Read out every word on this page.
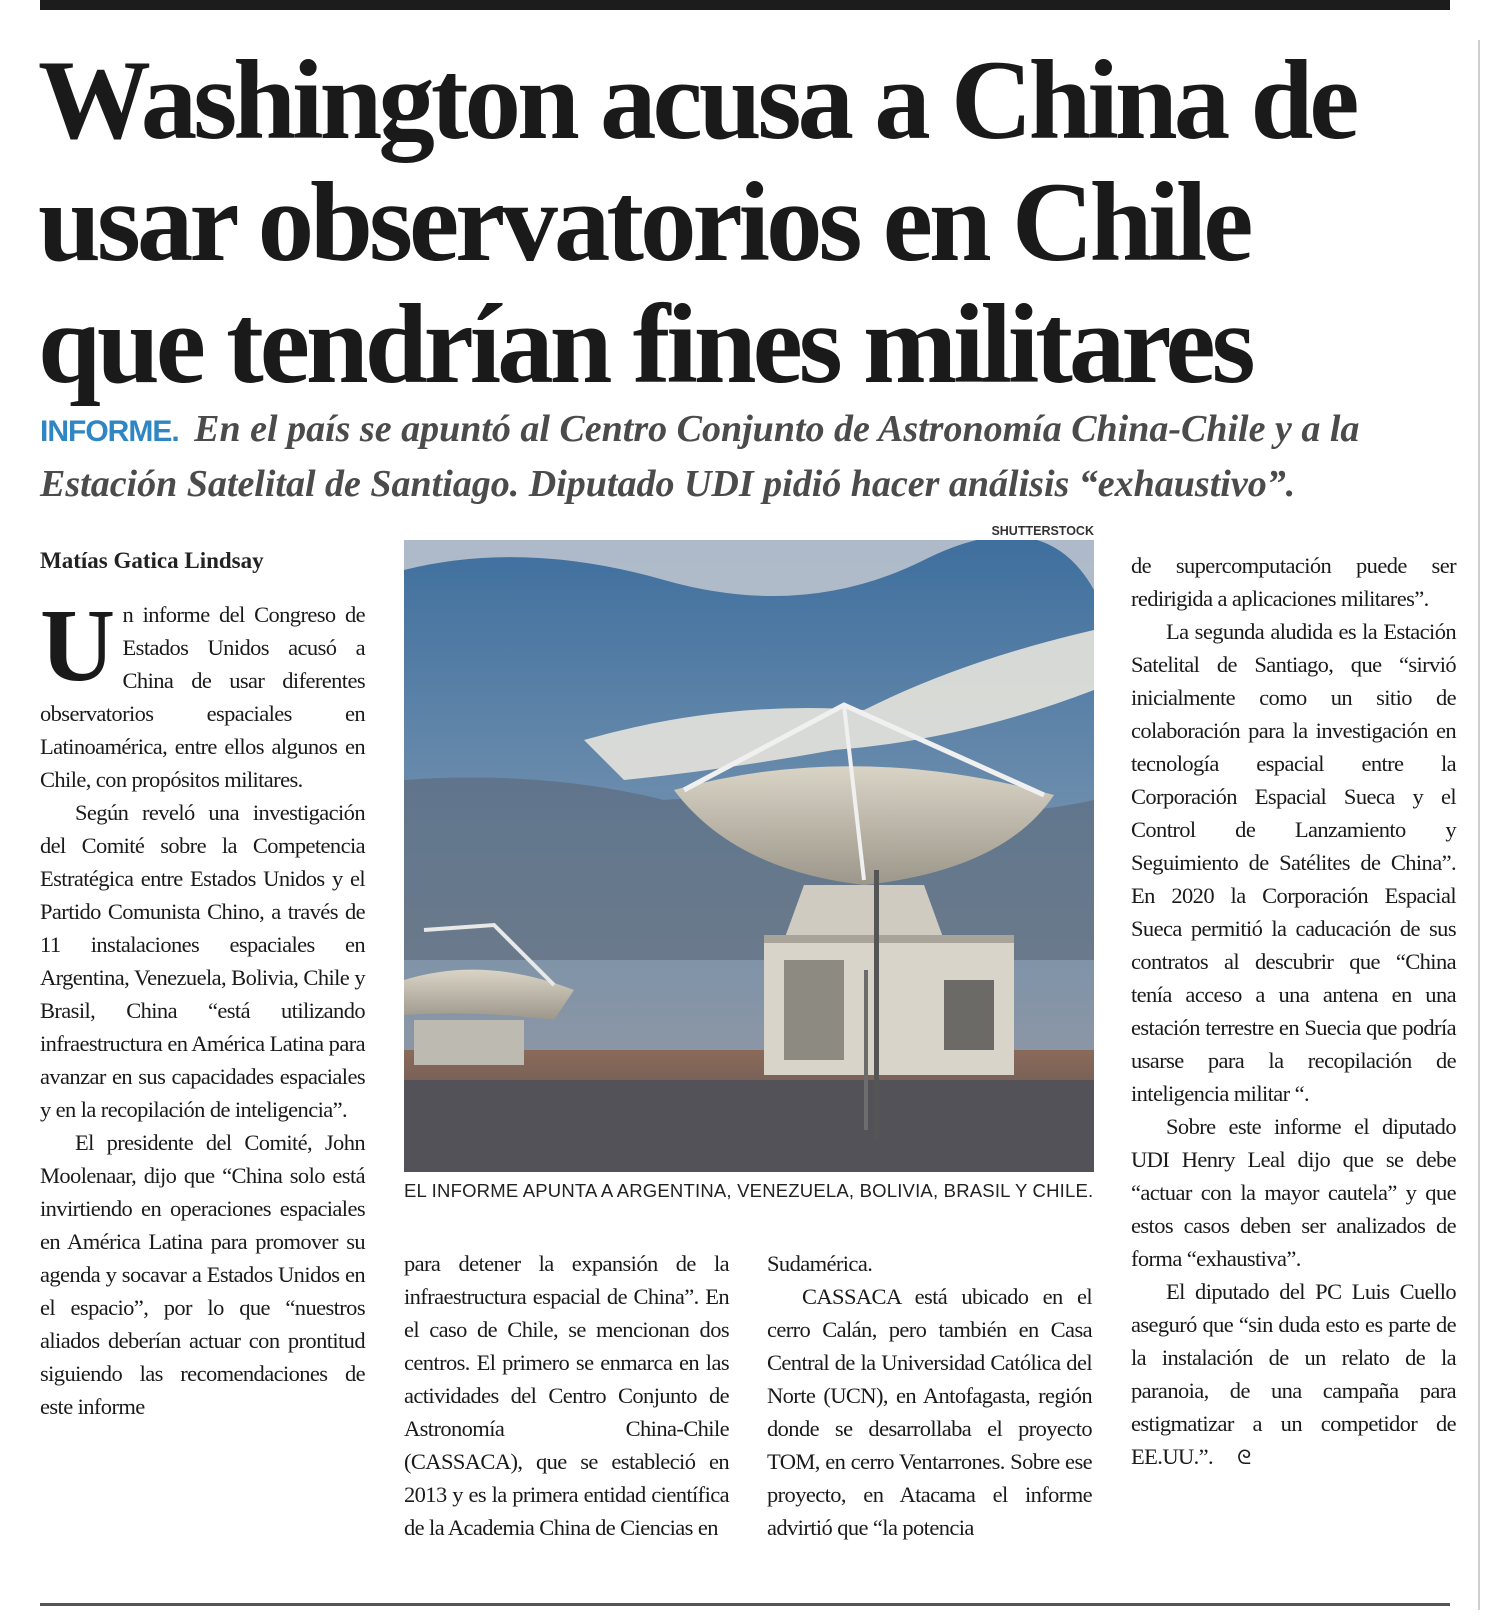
Washington acusa a China de
usar observatorios en Chile
que tendrían fines militares

INFORME. En el país se apuntó al Centro Conjunto de Astronomía China-Chile y a la Estación Satelital de Santiago. Diputado UDI pidió hacer análisis “exhaustivo”.

Matías Gatica Lindsay

Un informe del Congreso de Estados Unidos acusó a China de usar diferentes observatorios espaciales en Latinoamérica, entre ellos algunos en Chile, con propósitos militares.

Según reveló una investigación del Comité sobre la Competencia Estratégica entre Estados Unidos y el Partido Comunista Chino, a través de 11 instalaciones espaciales en Argentina, Venezuela, Bolivia, Chile y Brasil, China “está utilizando infraestructura en América Latina para avanzar en sus capacidades espaciales y en la recopilación de inteligencia”.

El presidente del Comité, John Moolenaar, dijo que “China solo está invirtiendo en operaciones espaciales en América Latina para promover su agenda y socavar a Estados Unidos en el espacio”, por lo que “nuestros aliados deberían actuar con prontitud siguiendo las recomendaciones de este informe

SHUTTERSTOCK

EL INFORME APUNTA A ARGENTINA, VENEZUELA, BOLIVIA, BRASIL Y CHILE.

para detener la expansión de la infraestructura espacial de China”. En el caso de Chile, se mencionan dos centros. El primero se enmarca en las actividades del Centro Conjunto de Astronomía China-Chile (CASSACA), que se estableció en 2013 y es la primera entidad científica de la Academia China de Ciencias en

Sudamérica.

CASSACA está ubicado en el cerro Calán, pero también en Casa Central de la Universidad Católica del Norte (UCN), en Antofagasta, región donde se desarrollaba el proyecto TOM, en cerro Ventarrones. Sobre ese proyecto, en Atacama el informe advirtió que “la potencia

de supercomputación puede ser redirigida a aplicaciones militares”.

La segunda aludida es la Estación Satelital de Santiago, que “sirvió inicialmente como un sitio de colaboración para la investigación en tecnología espacial entre la Corporación Espacial Sueca y el Control de Lanzamiento y Seguimiento de Satélites de China”. En 2020 la Corporación Espacial Sueca permitió la caducación de sus contratos al descubrir que “China tenía acceso a una antena en una estación terrestre en Suecia que podría usarse para la recopilación de inteligencia militar “.

Sobre este informe el diputado UDI Henry Leal dijo que se debe “actuar con la mayor cautela” y que estos casos deben ser analizados de forma “exhaustiva”.

El diputado del PC Luis Cuello aseguró que “sin duda esto es parte de la instalación de un relato de la paranoia, de una campaña para estigmatizar a un competidor de EE.UU.”. ᘓ
